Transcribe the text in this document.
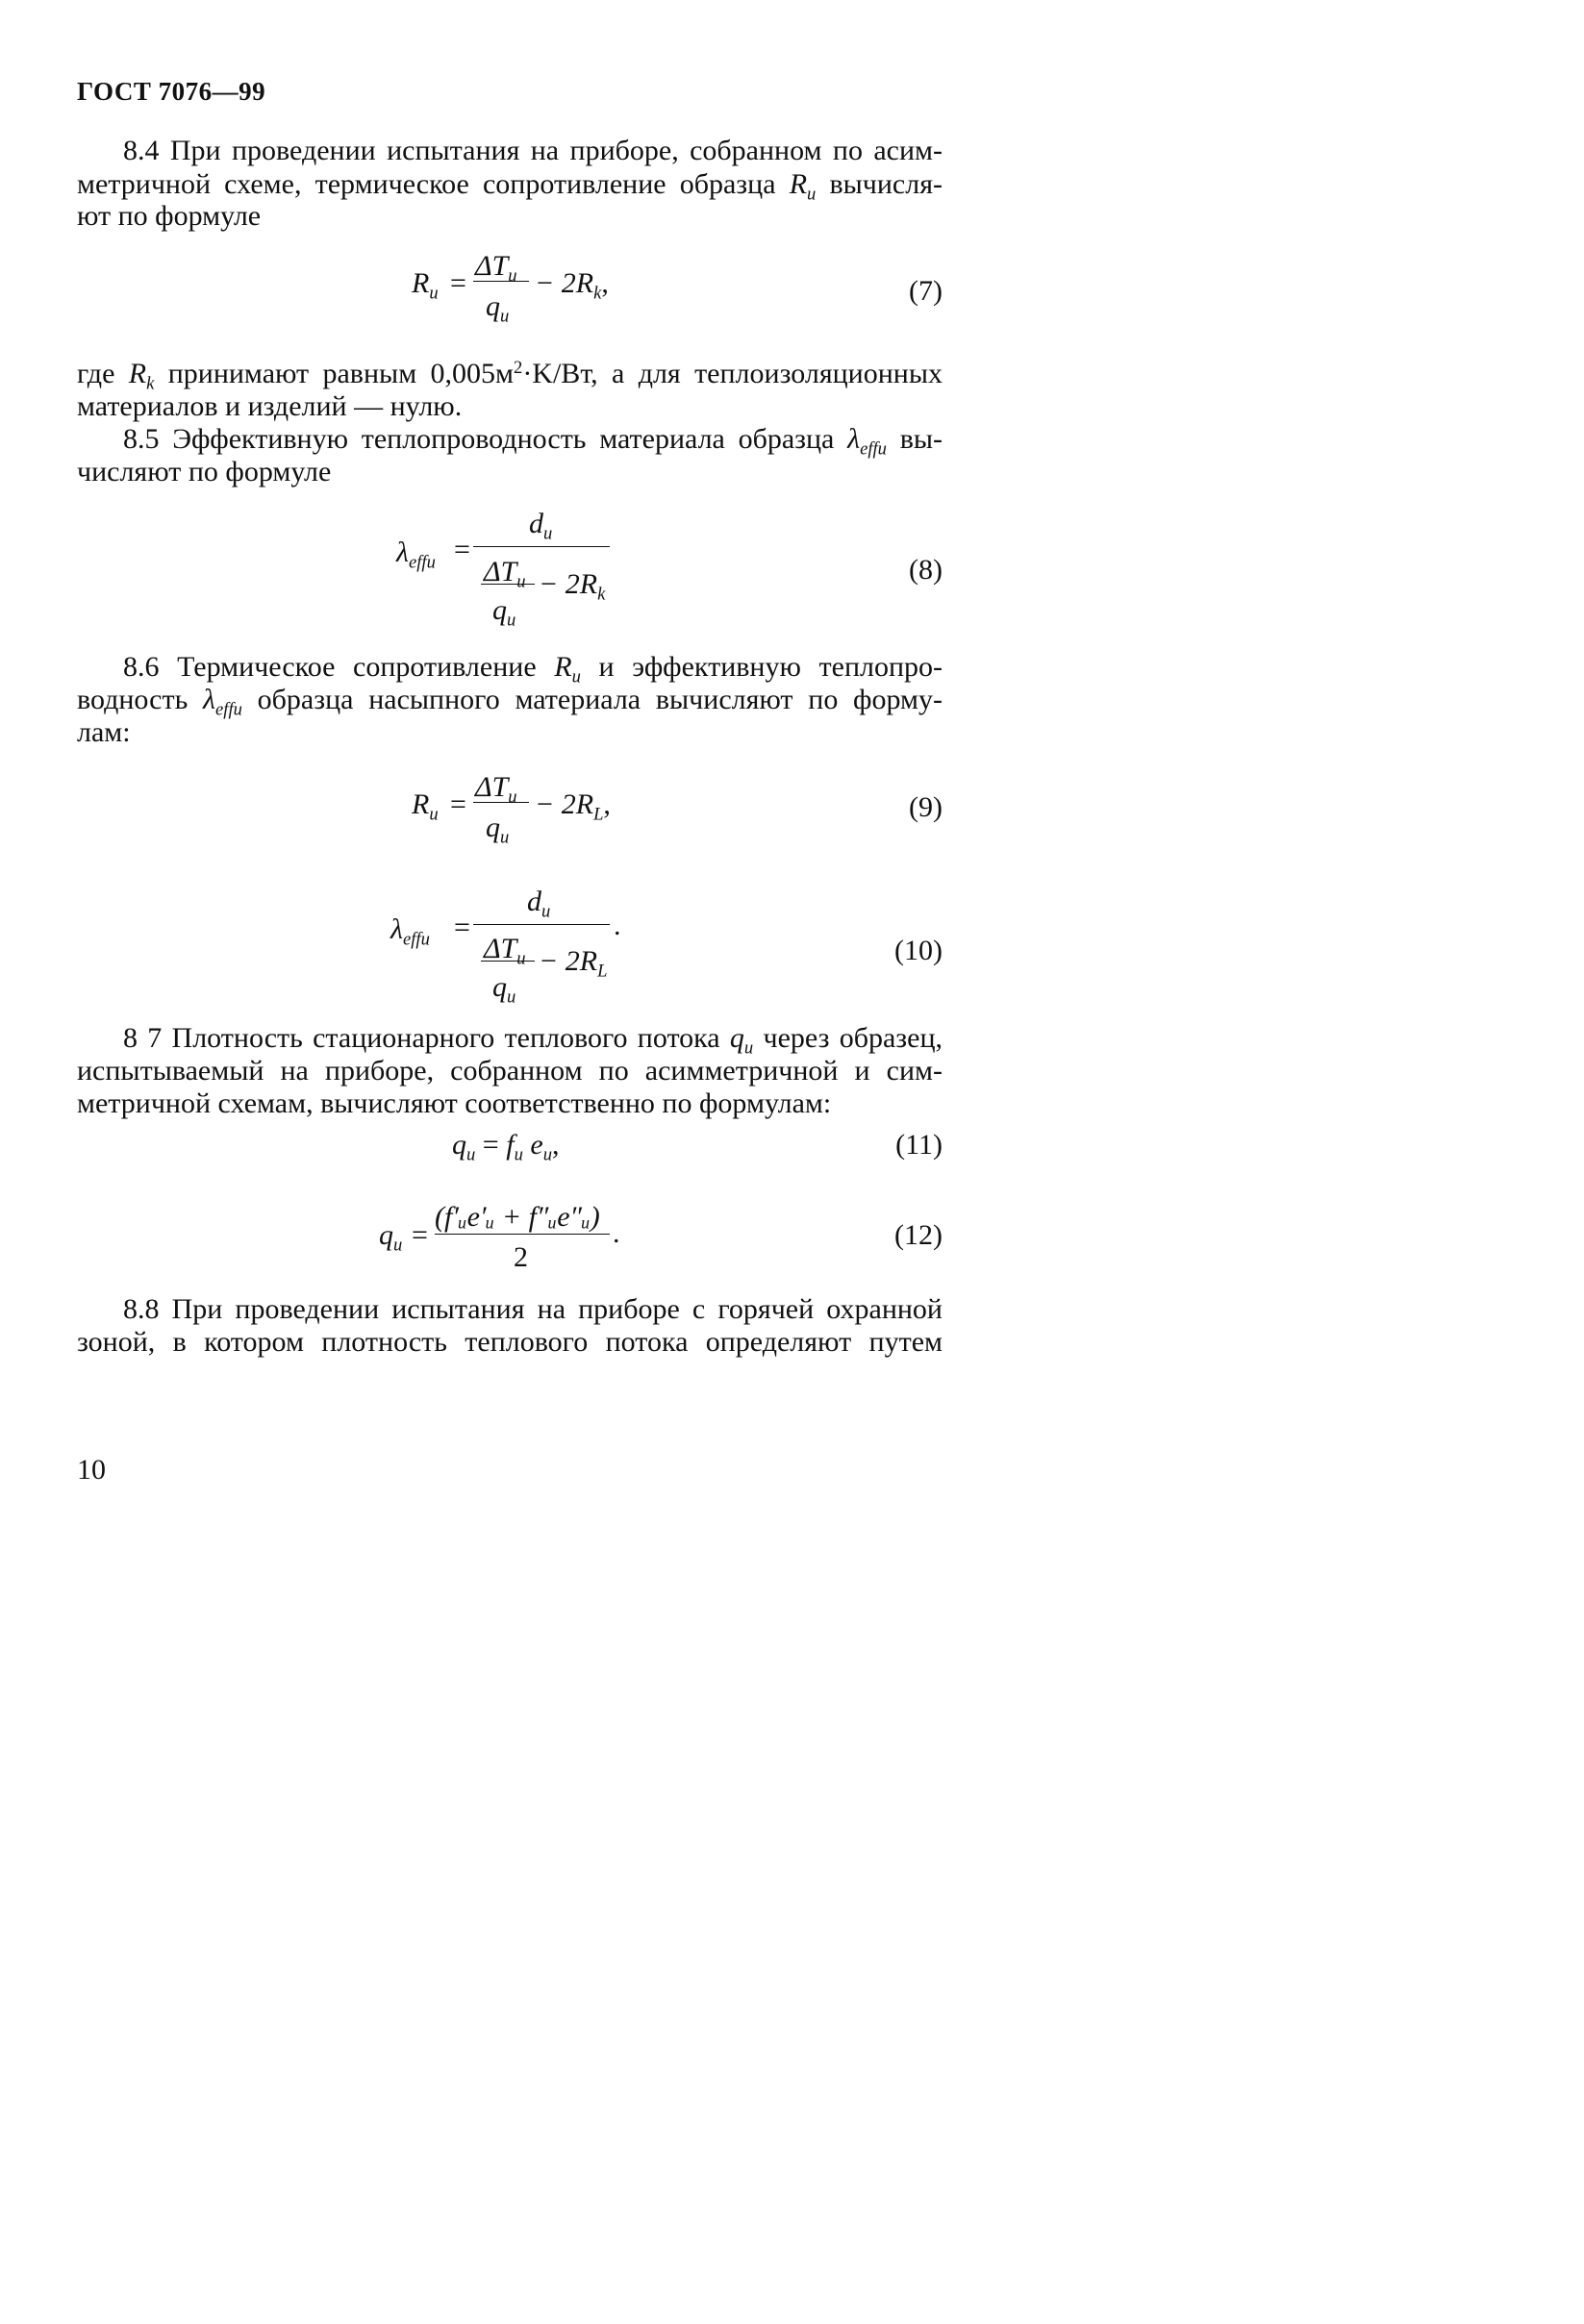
ГОСТ 7076—99
8.4 При проведении испытания на приборе, собранном по асим-
метричной схеме, термическое сопротивление образца $R_u$ вычисля-
ют по формуле
$R_u$ =
$\Delta T_u$
$q_u$
− $2R_k$,	(7)
где $R_k$ принимают равным $0,005м^2\cdot K/Вт$, а для теплоизоляционных
материалов и изделий — нулю.
8.5 Эффективную теплопроводность материала образца $\lambda_{effu}$ вы-
числяют по формуле
$\lambda_{effu}$ =
$d_u$
$\Delta T_u$
$q_u$
− $2R_k$
(8)
8.6 Термическое сопротивление $R_u$ и эффективную теплопро-
водность $\lambda_{effu}$ образца насыпного материала вычисляют по форму-
лам:
$R_u$ =
$\Delta T_u$
$q_u$
− $2R_L$,	(9)
$\lambda_{effu}$ =
$d_u$ .
$\Delta T_u$
$q_u$
− $2R_L$
(10)
8 7 Плотность стационарного теплового потока $q_u$ через образец,
испытываемый на приборе, собранном по асимметричной и сим-
метричной схемам, вычисляют соответственно по формулам:
$q_u = f_u$ $e_u$,	(11)
$q_u$ =
(f′ᵤe′ᵤ + f″ᵤe″ᵤ)
.
2
(12)
8.8 При проведении испытания на приборе с горячей охранной
зоной, в котором плотность теплового потока определяют путем
10
